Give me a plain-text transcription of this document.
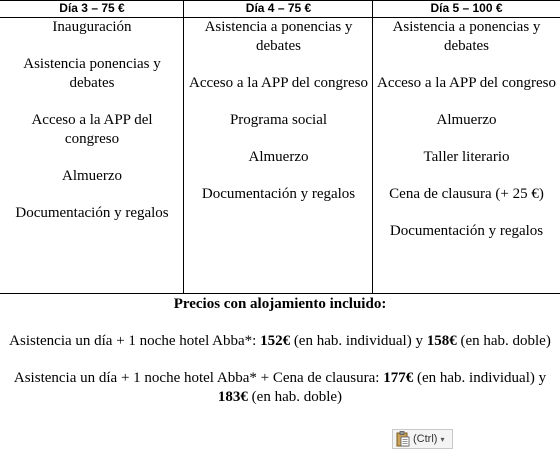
Día 3 – 75 €
Inauguración
Asistencia ponencias y debates
Acceso a la APP del congreso
Almuerzo
Documentación y regalos
Día 4 – 75 €
Asistencia a ponencias y debates
Acceso a la APP del congreso
Programa social
Almuerzo
Documentación y regalos
Día 5 – 100 €
Asistencia a ponencias y debates
Acceso a la APP del congreso
Almuerzo
Taller literario
Cena de clausura (+ 25 €)
Documentación y regalos

Precios con alojamiento incluido:

Asistencia un día + 1 noche hotel Abba*: 152€ (en hab. individual) y 158€ (en hab. doble)

Asistencia un día + 1 noche hotel Abba* + Cena de clausura: 177€ (en hab. individual) y 183€ (en hab. doble)

(Ctrl) ▾
